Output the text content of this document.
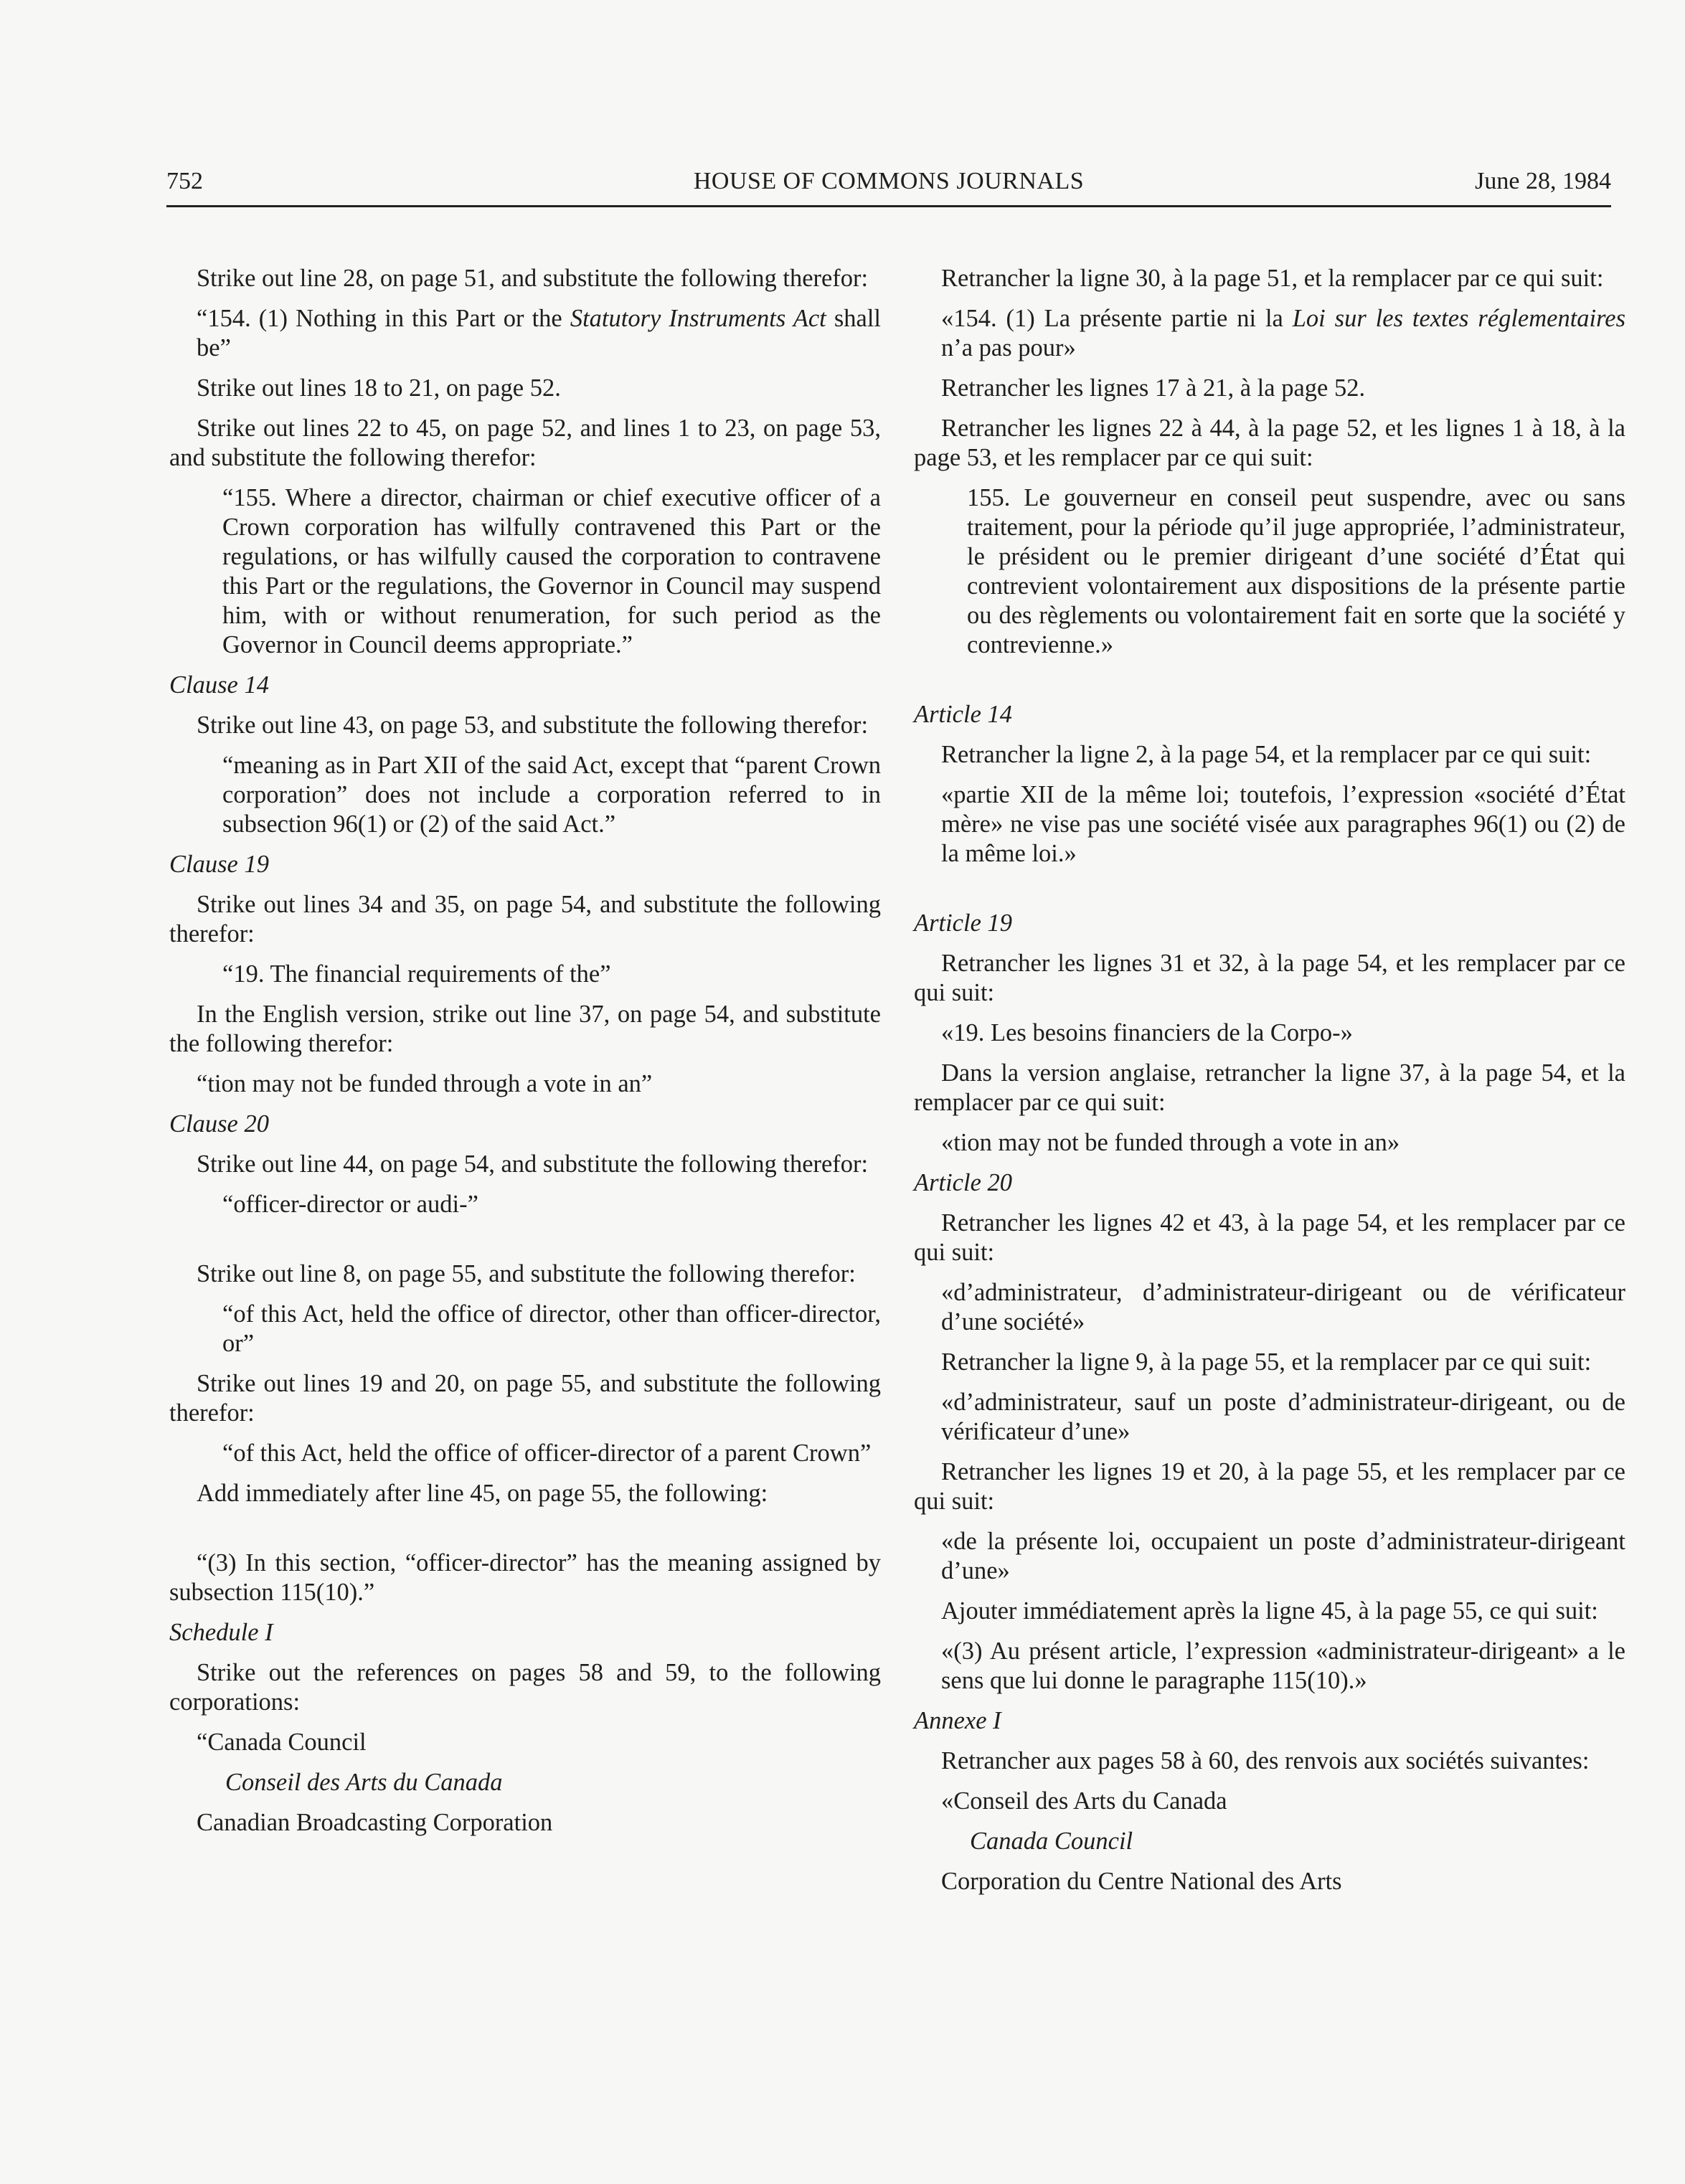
752	HOUSE OF COMMONS JOURNALS	June 28, 1984

Strike out line 28, on page 51, and substitute the following therefor:

“154. (1) Nothing in this Part or the Statutory Instruments Act shall be”

Strike out lines 18 to 21, on page 52.

Strike out lines 22 to 45, on page 52, and lines 1 to 23, on page 53, and substitute the following therefor:

“155. Where a director, chairman or chief executive officer of a Crown corporation has wilfully contravened this Part or the regulations, or has wilfully caused the corporation to contravene this Part or the regulations, the Governor in Council may suspend him, with or without renumeration, for such period as the Governor in Council deems appropriate.”

Clause 14

Strike out line 43, on page 53, and substitute the following therefor:

“meaning as in Part XII of the said Act, except that “parent Crown corporation” does not include a corporation referred to in subsection 96(1) or (2) of the said Act.”

Clause 19

Strike out lines 34 and 35, on page 54, and substitute the following therefor:

“19. The financial requirements of the”

In the English version, strike out line 37, on page 54, and substitute the following therefor:

“tion may not be funded through a vote in an”

Clause 20

Strike out line 44, on page 54, and substitute the following therefor:

“officer-director or audi-”

Strike out line 8, on page 55, and substitute the following therefor:

“of this Act, held the office of director, other than officer-director, or”

Strike out lines 19 and 20, on page 55, and substitute the following therefor:

“of this Act, held the office of officer-director of a parent Crown”

Add immediately after line 45, on page 55, the following:

“(3) In this section, “officer-director” has the meaning assigned by subsection 115(10).”

Schedule I

Strike out the references on pages 58 and 59, to the following corporations:

“Canada Council

Conseil des Arts du Canada

Canadian Broadcasting Corporation

Retrancher la ligne 30, à la page 51, et la remplacer par ce qui suit:

«154. (1) La présente partie ni la Loi sur les textes réglementaires n’a pas pour»

Retrancher les lignes 17 à 21, à la page 52.

Retrancher les lignes 22 à 44, à la page 52, et les lignes 1 à 18, à la page 53, et les remplacer par ce qui suit:

155. Le gouverneur en conseil peut suspendre, avec ou sans traitement, pour la période qu’il juge appropriée, l’administrateur, le président ou le premier dirigeant d’une société d’État qui contrevient volontairement aux dispositions de la présente partie ou des règlements ou volontairement fait en sorte que la société y contrevienne.»

Article 14

Retrancher la ligne 2, à la page 54, et la remplacer par ce qui suit:

«partie XII de la même loi; toutefois, l’expression «société d’État mère» ne vise pas une société visée aux paragraphes 96(1) ou (2) de la même loi.»

Article 19

Retrancher les lignes 31 et 32, à la page 54, et les remplacer par ce qui suit:

«19. Les besoins financiers de la Corpo-»

Dans la version anglaise, retrancher la ligne 37, à la page 54, et la remplacer par ce qui suit:

«tion may not be funded through a vote in an»

Article 20

Retrancher les lignes 42 et 43, à la page 54, et les remplacer par ce qui suit:

«d’administrateur, d’administrateur-dirigeant ou de vérificateur d’une société»

Retrancher la ligne 9, à la page 55, et la remplacer par ce qui suit:

«d’administrateur, sauf un poste d’administrateur-dirigeant, ou de vérificateur d’une»

Retrancher les lignes 19 et 20, à la page 55, et les remplacer par ce qui suit:

«de la présente loi, occupaient un poste d’administrateur-dirigeant d’une»

Ajouter immédiatement après la ligne 45, à la page 55, ce qui suit:

«(3) Au présent article, l’expression «administrateur-dirigeant» a le sens que lui donne le paragraphe 115(10).»

Annexe I

Retrancher aux pages 58 à 60, des renvois aux sociétés suivantes:

«Conseil des Arts du Canada

Canada Council

Corporation du Centre National des Arts
